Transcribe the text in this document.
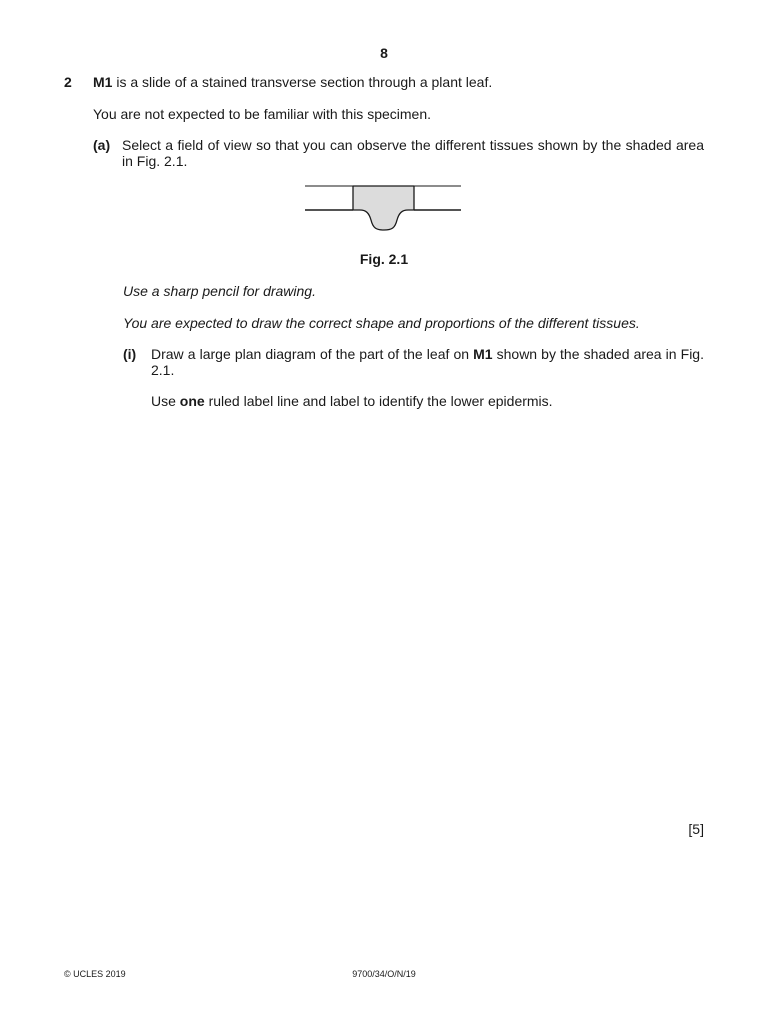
8
2 M1 is a slide of a stained transverse section through a plant leaf.
You are not expected to be familiar with this specimen.
(a) Select a field of view so that you can observe the different tissues shown by the shaded area in Fig. 2.1.
Fig. 2.1
Use a sharp pencil for drawing.
You are expected to draw the correct shape and proportions of the different tissues.
(i) Draw a large plan diagram of the part of the leaf on M1 shown by the shaded area in Fig. 2.1.
Use one ruled label line and label to identify the lower epidermis.
[5]
© UCLES 2019	9700/34/O/N/19
